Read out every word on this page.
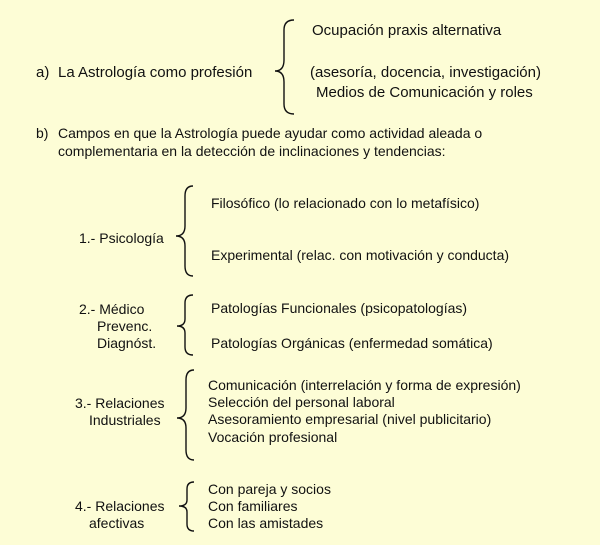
a) La Astrología como profesión
Ocupación praxis alternativa
(asesoría, docencia, investigación)
Medios de Comunicación y roles
b) Campos en que la Astrología puede ayudar como actividad aleada o
complementaria en la detección de inclinaciones y tendencias:
1.- Psicología
Filosófico (lo relacionado con lo metafísico)
Experimental (relac. con motivación y conducta)
2.- Médico
Prevenc.
Diagnóst.
Patologías Funcionales (psicopatologías)
Patologías Orgánicas (enfermedad somática)
3.- Relaciones
Industriales
Comunicación (interrelación y forma de expresión)
Selección del personal laboral
Asesoramiento empresarial (nivel publicitario)
Vocación profesional
4.- Relaciones
afectivas
Con pareja y socios
Con familiares
Con las amistades
